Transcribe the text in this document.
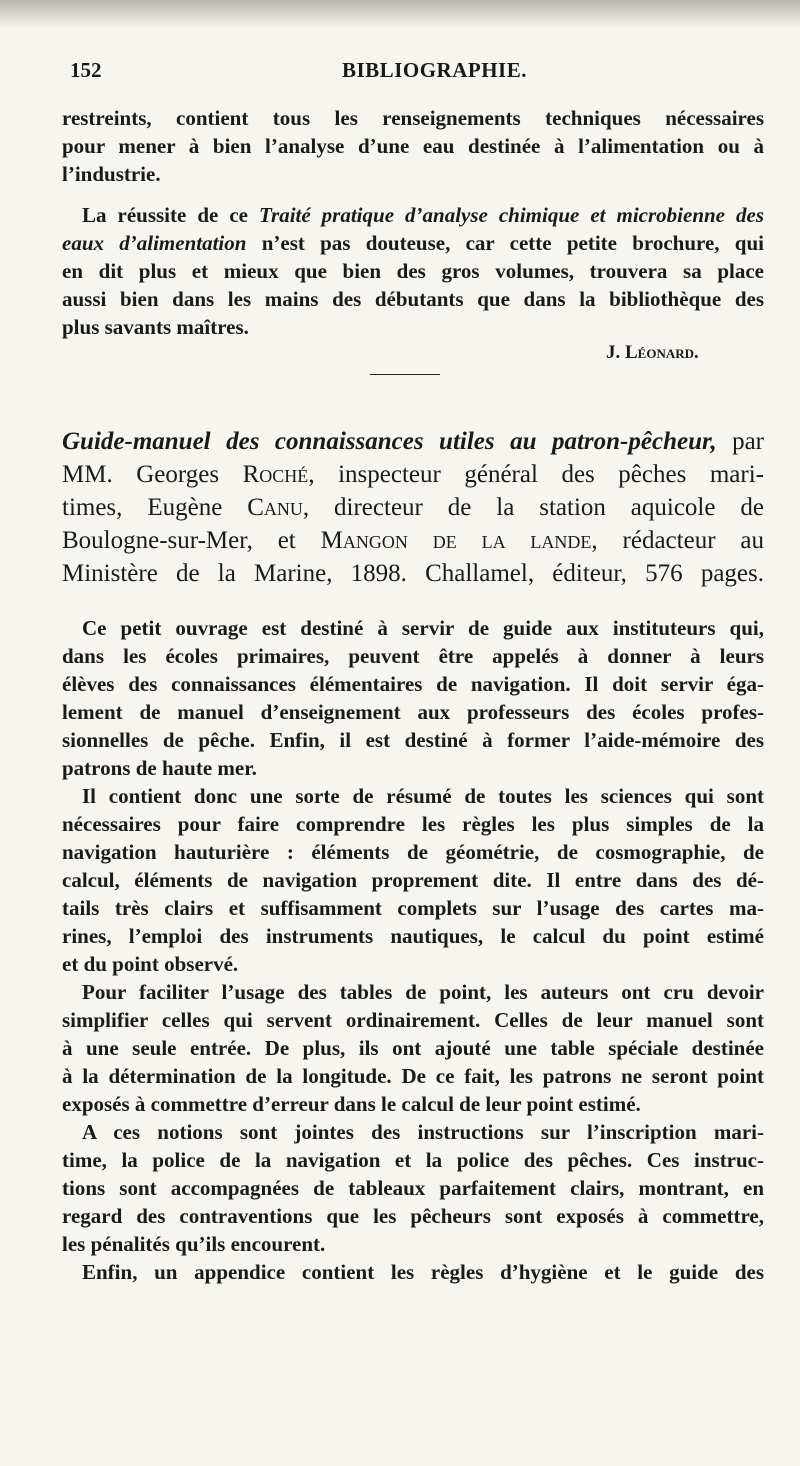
152	BIBLIOGRAPHIE.
restreints, contient tous les renseignements techniques nécessaires
pour mener à bien l’analyse d’une eau destinée à l’alimentation ou à
l’industrie.
La réussite de ce Traité pratique d’analyse chimique et microbienne des
eaux d’alimentation n’est pas douteuse, car cette petite brochure, qui
en dit plus et mieux que bien des gros volumes, trouvera sa place
aussi bien dans les mains des débutants que dans la bibliothèque des
plus savants maîtres.
J. Léonard.
Guide-manuel des connaissances utiles au patron-pêcheur, par
MM. Georges Roché, inspecteur général des pêches mari-
times, Eugène Canu, directeur de la station aquicole de
Boulogne-sur-Mer, et Mangon de la lande, rédacteur au
Ministère de la Marine, 1898. Challamel, éditeur, 576 pages.
Ce petit ouvrage est destiné à servir de guide aux instituteurs qui,
dans les écoles primaires, peuvent être appelés à donner à leurs
élèves des connaissances élémentaires de navigation. Il doit servir éga-
lement de manuel d’enseignement aux professeurs des écoles profes-
sionnelles de pêche. Enfin, il est destiné à former l’aide-mémoire des
patrons de haute mer.
Il contient donc une sorte de résumé de toutes les sciences qui sont
nécessaires pour faire comprendre les règles les plus simples de la
navigation hauturière : éléments de géométrie, de cosmographie, de
calcul, éléments de navigation proprement dite. Il entre dans des dé-
tails très clairs et suffisamment complets sur l’usage des cartes ma-
rines, l’emploi des instruments nautiques, le calcul du point estimé
et du point observé.
Pour faciliter l’usage des tables de point, les auteurs ont cru devoir
simplifier celles qui servent ordinairement. Celles de leur manuel sont
à une seule entrée. De plus, ils ont ajouté une table spéciale destinée
à la détermination de la longitude. De ce fait, les patrons ne seront point
exposés à commettre d’erreur dans le calcul de leur point estimé.
A ces notions sont jointes des instructions sur l’inscription mari-
time, la police de la navigation et la police des pêches. Ces instruc-
tions sont accompagnées de tableaux parfaitement clairs, montrant, en
regard des contraventions que les pêcheurs sont exposés à commettre,
les pénalités qu’ils encourent.
Enfin, un appendice contient les règles d’hygiène et le guide des
